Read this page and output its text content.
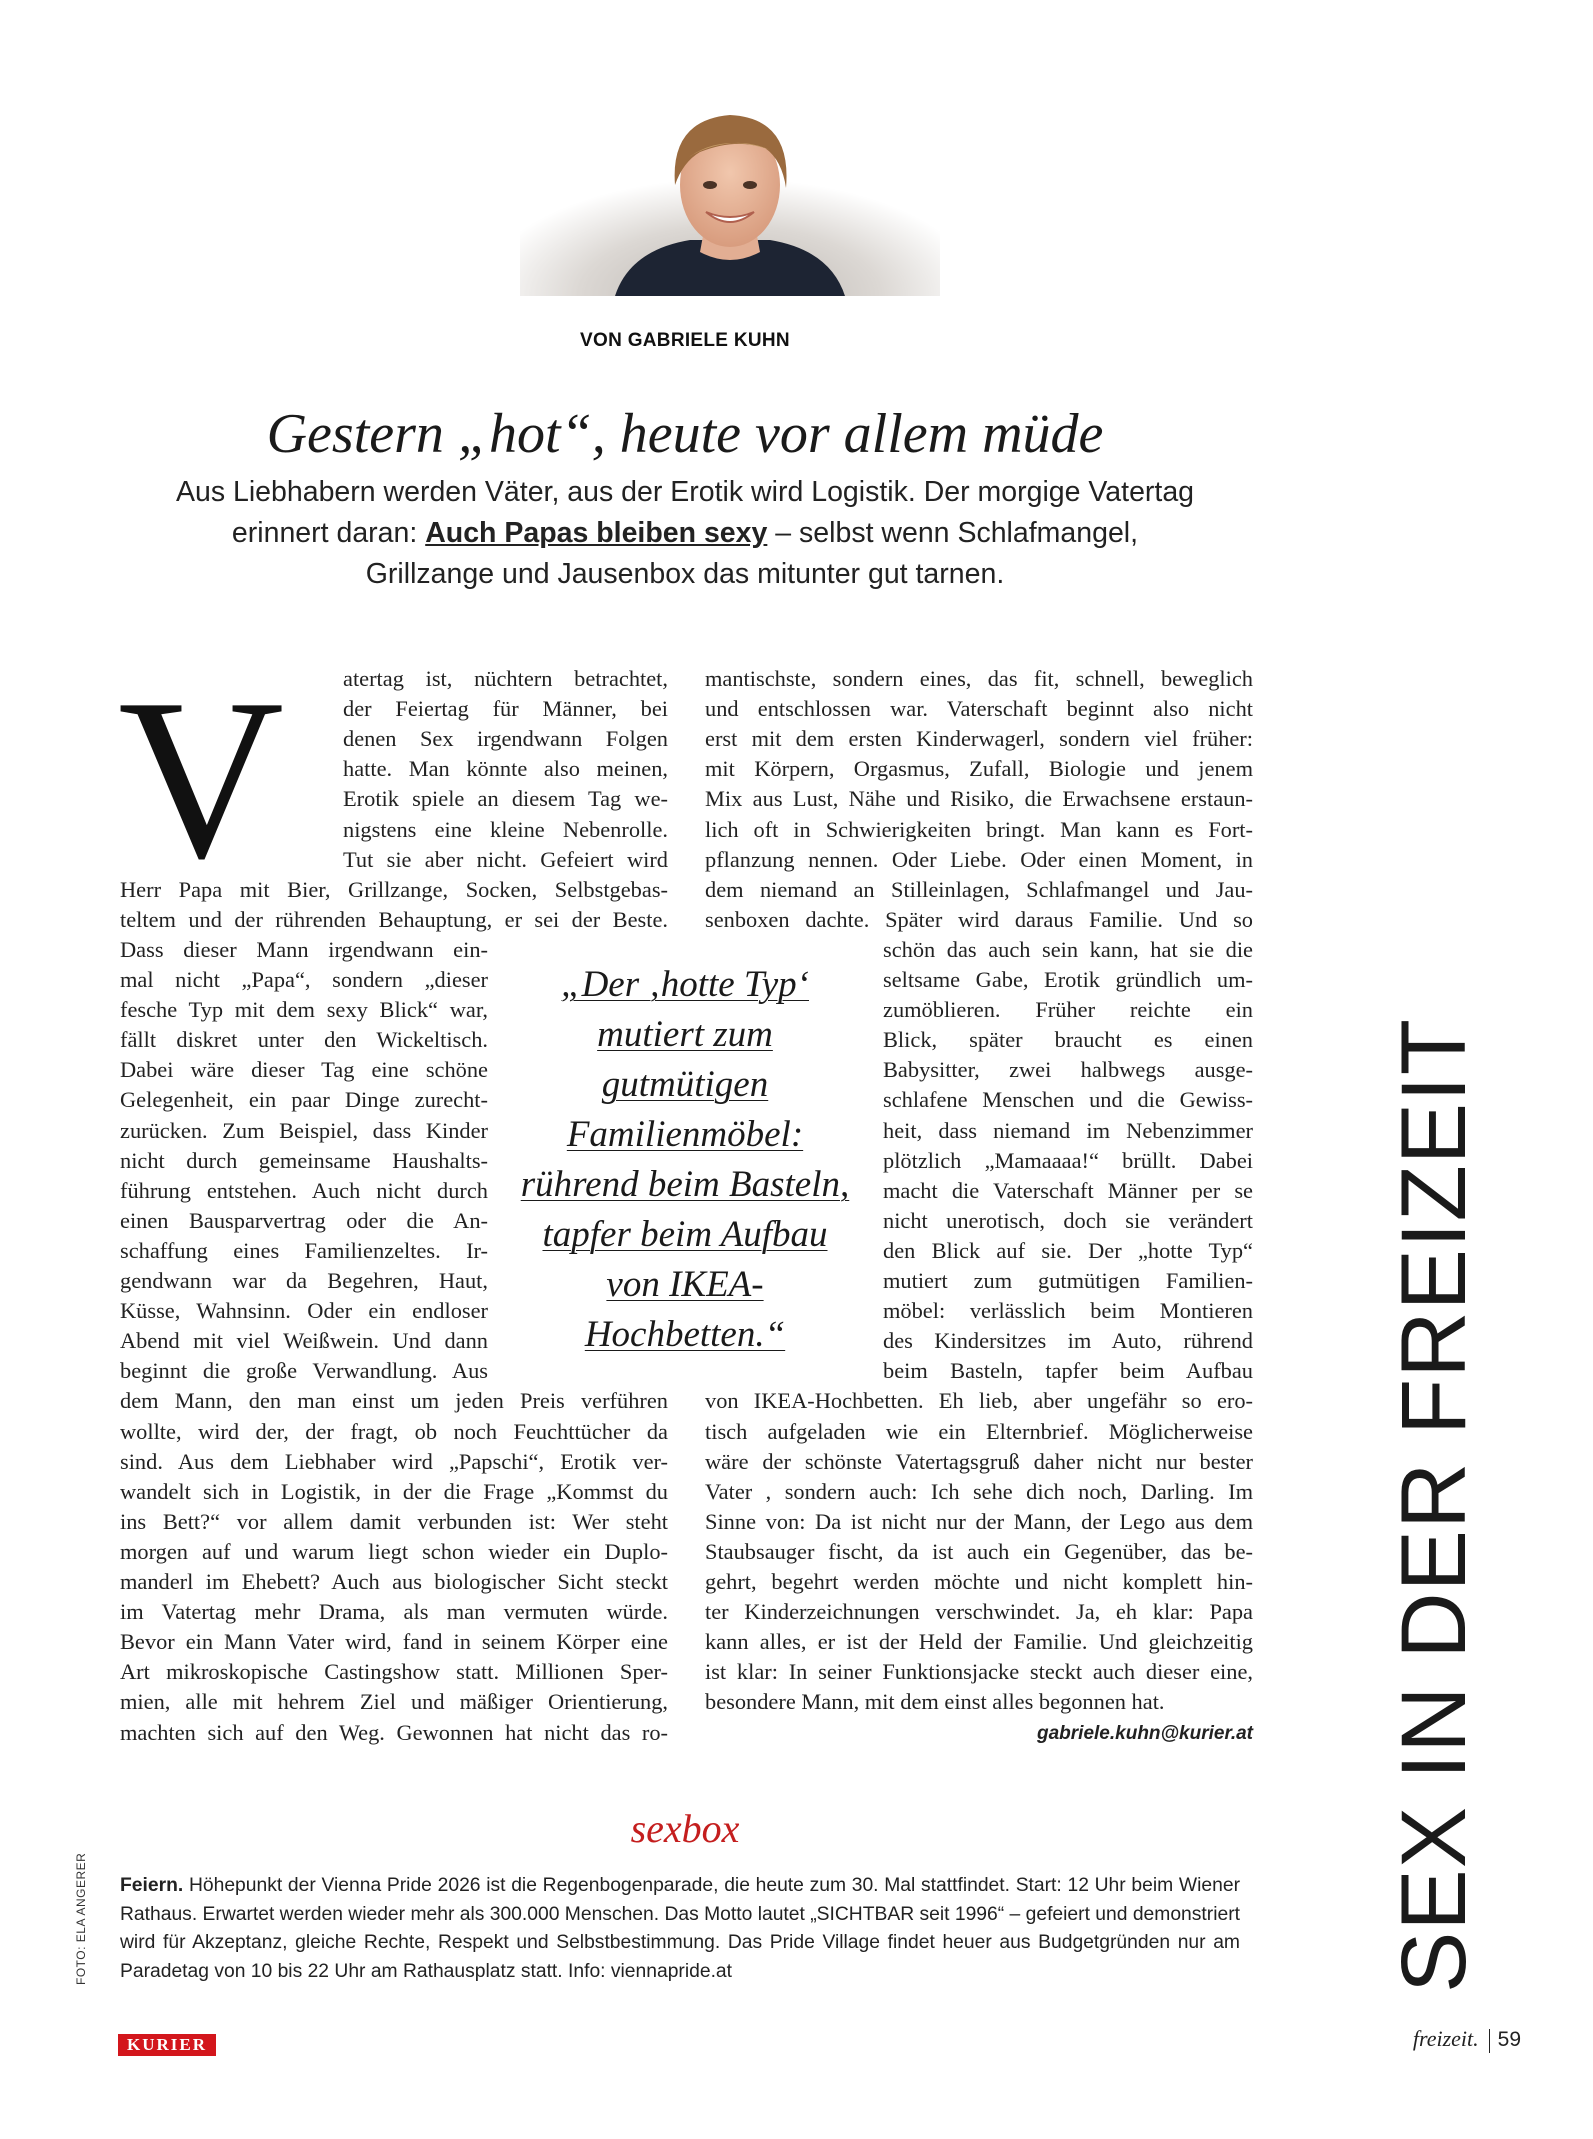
VON GABRIELE KUHN
Gestern „hot“, heute vor allem müde
Aus Liebhabern werden Väter, aus der Erotik wird Logistik. Der morgige Vatertag erinnert daran: Auch Papas bleiben sexy – selbst wenn Schlafmangel, Grillzange und Jausenbox das mitunter gut tarnen.
V	atertag ist, nüchtern betrachtet,
der Feiertag für Männer, bei
denen Sex irgendwann Folgen
hatte. Man könnte also meinen,
Erotik spiele an diesem Tag we-
nigstens eine kleine Nebenrolle.
Tut sie aber nicht. Gefeiert wird
Herr Papa mit Bier, Grillzange, Socken, Selbstgebas-
teltem und der rührenden Behauptung, er sei der Beste.
Dass dieser Mann irgendwann ein-
mal nicht „Papa“, sondern „dieser
fesche Typ mit dem sexy Blick“ war,
fällt diskret unter den Wickeltisch.
Dabei wäre dieser Tag eine schöne
Gelegenheit, ein paar Dinge zurecht-
zurücken. Zum Beispiel, dass Kinder
nicht durch gemeinsame Haushalts-
führung entstehen. Auch nicht durch
einen Bausparvertrag oder die An-
schaffung eines Familienzeltes. Ir-
gendwann war da Begehren, Haut,
Küsse, Wahnsinn. Oder ein endloser
Abend mit viel Weißwein. Und dann
beginnt die große Verwandlung. Aus
dem Mann, den man einst um jeden Preis verführen
wollte, wird der, der fragt, ob noch Feuchttücher da
sind. Aus dem Liebhaber wird „Papschi“, Erotik ver-
wandelt sich in Logistik, in der die Frage „Kommst du
ins Bett?“ vor allem damit verbunden ist: Wer steht
morgen auf und warum liegt schon wieder ein Duplo-
manderl im Ehebett? Auch aus biologischer Sicht steckt
im Vatertag mehr Drama, als man vermuten würde.
Bevor ein Mann Vater wird, fand in seinem Körper eine
Art mikroskopische Castingshow statt. Millionen Sper-
mien, alle mit hehrem Ziel und mäßiger Orientierung,
machten sich auf den Weg. Gewonnen hat nicht das ro-
mantischste, sondern eines, das fit, schnell, beweglich
und entschlossen war. Vaterschaft beginnt also nicht
erst mit dem ersten Kinderwagerl, sondern viel früher:
mit Körpern, Orgasmus, Zufall, Biologie und jenem
Mix aus Lust, Nähe und Risiko, die Erwachsene erstaun-
lich oft in Schwierigkeiten bringt. Man kann es Fort-
pflanzung nennen. Oder Liebe. Oder einen Moment, in
dem niemand an Stilleinlagen, Schlafmangel und Jau-
senboxen dachte. Später wird daraus Familie. Und so
schön das auch sein kann, hat sie die
seltsame Gabe, Erotik gründlich um-
zumöblieren. Früher reichte ein
Blick, später braucht es einen
Babysitter, zwei halbwegs ausge-
schlafene Menschen und die Gewiss-
heit, dass niemand im Nebenzimmer
plötzlich „Mamaaaa!“ brüllt. Dabei
macht die Vaterschaft Männer per se
nicht unerotisch, doch sie verändert
den Blick auf sie. Der „hotte Typ“
mutiert zum gutmütigen Familien-
möbel: verlässlich beim Montieren
des Kindersitzes im Auto, rührend
beim Basteln, tapfer beim Aufbau
von IKEA-Hochbetten. Eh lieb, aber ungefähr so ero-
tisch aufgeladen wie ein Elternbrief. Möglicherweise
wäre der schönste Vatertagsgruß daher nicht nur bester
Vater , sondern auch: Ich sehe dich noch, Darling. Im
Sinne von: Da ist nicht nur der Mann, der Lego aus dem
Staubsauger fischt, da ist auch ein Gegenüber, das be-
gehrt, begehrt werden möchte und nicht komplett hin-
ter Kinderzeichnungen verschwindet. Ja, eh klar: Papa
kann alles, er ist der Held der Familie. Und gleichzeitig
ist klar: In seiner Funktionsjacke steckt auch dieser eine,
besondere Mann, mit dem einst alles begonnen hat.
„Der ‚hotte Typ‘ mutiert zum gutmütigen Familienmöbel: rührend beim Basteln, tapfer beim Aufbau von IKEA-Hochbetten.“
gabriele.kuhn@kurier.at SEX IN DER FREIZEIT
sexbox
Feiern. Höhepunkt der Vienna Pride 2026 ist die Regenbogenparade, die heute zum 30. Mal stattfindet. Start: 12 Uhr beim Wiener Rathaus. Erwartet werden wieder mehr als 300.000 Menschen. Das Motto lautet „SICHTBAR seit 1996“ – gefeiert und demonstriert wird für Akzeptanz, gleiche Rechte, Respekt und Selbstbestimmung. Das Pride Village findet heuer aus Budgetgründen nur am Paradetag von 10 bis 22 Uhr am Rathausplatz statt. Info: viennapride.at
FOTO: ELA ANGERER
KURIER	freizeit. 59
